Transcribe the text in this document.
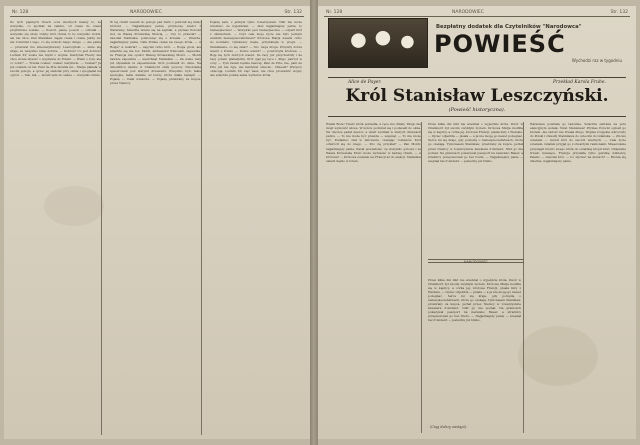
Nr. 128	NARODOWIEC	Str. 132

Do tych pięknych trzech oczu skośnych należy to, że wszystko, co spotkał na zamku, od czasu do czasu przybliżone zostało. — Powoli, panie, powoli — odrzekł — wszystko się ułoży. Gdyby król chciał, to by wszystko zrobił, ale nie chce. Pan Stanisław ciągle czeka i czeka, jakby nic nie rozumiał z tego, co się wokoło niego dzieje. — Ale panie — przerwał mu zniecierpliwiony Leszczyński — mnie się zdaje, że wszystko idzie dobrze. — Dobrze? Co jest dobrze? Ludwik XV wcale nie myśli o wojnie. Kardynał Fleury nie chce wcale słyszeć o wyprawie do Polski. — Wiem o tym, ale co robić? — Trzeba czekać, czekać cierpliwie. — Czekać? Ja już czekam od lat. Pani de Prie mówiła mi... Marja płakała w swoim pokoju, a ojciec jej siedział przy oknie i spoglądał na ogród. — Tak, tak — mówił sam do siebie — wszystko minie.

W tej chwili wszedł do pokoju pan Tarło i pokłonił się nisko królowi. — Najjaśniejszy panie, przynoszę wieści z Warszawy. Szlachta zbiera się na sejmiki, a prymas Potocki stoi za Waszą Królewską Mością. — Czy to prawda? — zawołał Stanisław, podnosząc się z krzesła. — Prawda, najjaśniejszy panie. Cała Polska czeka na swego króla. — A Rosja? A Austria? — zapytał cicho król. — Rosja grozi, ale szlachta się nie boi. Monti, ambasador francuski, zapewnia, że Francja nie opuści Waszej Królewskiej Mości. — Monti zawsze zapewnia — westchnął Stanisław. — Za wiele razy już słyszałem te zapewnienia. Król podszedł do okna. Na dziedzińcu zamku w Chambord stały powozy. Dworzanie spacerowali pod starymi drzewami. Wszystko było takie spokojne, takie dalekie od burzy, która miała nadejść. — Pojadę — rzekł wreszcie. — Pojadę przebrany za kupca, przez Niemcy.

Pojadę sam, z jednym tylko towarzyszem. Nikt nie może wiedzieć, że wyjeżdżam. — Ależ najjaśniejszy panie, to niebezpieczne! — Wszystko jest niebezpieczne — odparł król z uśmiechem. — Czyż całe moje życie nie było jednym wielkim niebezpieczeństwem? Królowa Marja weszła cicho do komnaty. Ujrzawszy męża, przystanęła w progu. — Stanisławie, co się stało? — Nic, moja droga. Przyszły dobre wieści z Polski. — Dobre wieści? — powtórzyła królowa. — Boję się tych dobrych wieści. Ile razy już przychodziły i ile razy potem płakałyśmy. Król ujął jej ręce i długo patrzył w oczy. — Tym razem będzie inaczej. Pani de Prie, nie, pani de Prie już nie żyje, ale kardynał obiecał... Obiecał? Wszyscy obiecują. Ludwik XV, zięć nasz, nie chce prowadzić wojny. Ale szlachta polska sama wybierze króla.

Nr. 128	NARODOWIEC	Str. 132
Bezpłatny dodatek dla Czytelników "Narodowca"
POWIEŚĆ
Wychodzi raz w tygodniu
Alice de Payer.	Przekład Karola Fruhe.
Król Stanisław Leszczyński.
(Powieść historyczna).

Wielki Boże! Twarz króla pobladła, a ręce mu drżały. Długo nie mógł wymówić słowa. W końcu podniósł się i podszedł do okna. Na dworze padał deszcz, a wiatr szumiał w starych drzewach parku. — To nie może być prawda — szepnął. — To nie może być. Posłaniec stał w milczeniu, czekając rozkazów. Król odwrócił się do niego. — Kto cię przysłał? — Pan Monti, najjaśniejszy panie. Kazał powiedzieć, że wszystko gotowe i że Wasza Królewska Mość może wyruszać w każdej chwili. — A królowa? — Królowa zostanie we Francji aż do elekcji. Stanisław usiadł ciężko w fotelu.

Przez kilka dni nikt nie wiedział o wyjeździe króla. Dwór w Chambord żył swoim zwykłym życiem. Królowa Marja modliła się w kaplicy, a córka jej, królowa Francji, pisała listy z Wersalu. — Ojciec odjeżdża — pisała — a ja nie mogę go nawet pożegnać. Serce mi się kraje, gdy pomyślę o niebezpieczeństwach, które go czekają. Tymczasem Stanisław, przebrany za kupca, jechał przez Niemcy w towarzystwie kawalera d'Andelot. Nikt go nie poznał. Na granicach pokazywał paszport na nazwisko Bauer, a strażnicy przepuszczali go bez trudu. — Najjaśniejszy panie — szepnął raz d'Andelot — jesteśmy już blisko.

NARODOWIEC

Przez kilka dni nikt nie wiedział o wyjeździe króla. Dwór w Chambord żył swoim zwykłym życiem. Królowa Marja modliła się w kaplicy, a córka jej, królowa Francji, pisała listy z Wersalu. — Ojciec odjeżdża — pisała — a ja nie mogę go nawet pożegnać. Serce mi się kraje, gdy pomyślę o niebezpieczeństwach, które go czekają. Tymczasem Stanisław, przebrany za kupca, jechał przez Niemcy w towarzystwie kawalera d'Andelot. Nikt go nie poznał. Na granicach pokazywał paszport na nazwisko Bauer, a strażnicy przepuszczali go bez trudu. — Najjaśniejszy panie — szepnął raz d'Andelot — jesteśmy już blisko.

(Ciąg dalszy nastąpi).

Warszawa powitała go radośnie. Szlachta zebrana na polu elekcyjnym wołała: Vivat Stanislaus! Prymas Potocki ogłosił go królem. Ale radość nie trwała długo. Wojska rosyjskie wkroczyły do Polski i zmusiły Stanisława do ucieczki do Gdańska. — Znowu uciekam — mówił król do swoich wiernych. — Całe życie uciekam. Gdańsk przyjął go z otwartymi ramionami. Mieszczanie przysięgli bronić swego króla do ostatniej kropli krwi. Oblężenie trwało miesiące. Francja przysłała tylko garstkę żołnierzy. Paszko — zawołał król. — Co słychać na murach? — Bronią się dzielnie, najjaśniejszy panie.
